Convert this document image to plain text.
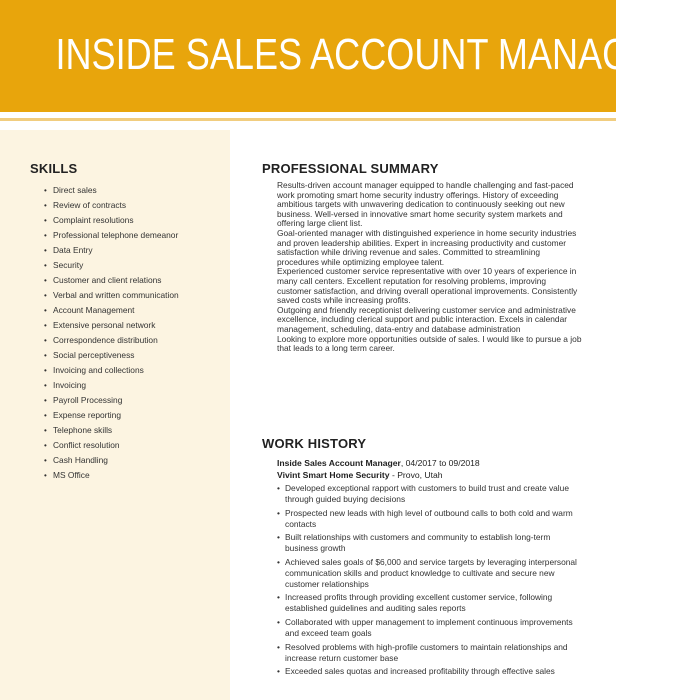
INSIDE SALES ACCOUNT MANAGER
SKILLS
• Direct sales
• Review of contracts
• Complaint resolutions
• Professional telephone demeanor
• Data Entry
• Security
• Customer and client relations
• Verbal and written communication
• Account Management
• Extensive personal network
• Correspondence distribution
• Social perceptiveness
• Invoicing and collections
• Invoicing
• Payroll Processing
• Expense reporting
• Telephone skills
• Conflict resolution
• Cash Handling
• MS Office
PROFESSIONAL SUMMARY

Results-driven account manager equipped to handle challenging and fast-paced work promoting smart home security industry offerings. History of exceeding ambitious targets with unwavering dedication to continuously seeking out new business. Well-versed in innovative smart home security system markets and offering large client list.

Goal-oriented manager with distinguished experience in home security industries and proven leadership abilities. Expert in increasing productivity and customer satisfaction while driving revenue and sales. Committed to streamlining procedures while optimizing employee talent.

Experienced customer service representative with over 10 years of experience in many call centers. Excellent reputation for resolving problems, improving customer satisfaction, and driving overall operational improvements. Consistently saved costs while increasing profits.

Outgoing and friendly receptionist delivering customer service and administrative excellence, including clerical support and public interaction. Excels in calendar management, scheduling, data-entry and database administration

Looking to explore more opportunities outside of sales. I would like to pursue a job that leads to a long term career.

WORK HISTORY
Inside Sales Account Manager, 04/2017 to 09/2018
Vivint Smart Home Security - Provo, Utah
• Developed exceptional rapport with customers to build trust and create value through guided buying decisions
• Prospected new leads with high level of outbound calls to both cold and warm contacts
• Built relationships with customers and community to establish long-term business growth
• Achieved sales goals of $6,000 and service targets by leveraging interpersonal communication skills and product knowledge to cultivate and secure new customer relationships
• Increased profits through providing excellent customer service, following established guidelines and auditing sales reports
• Collaborated with upper management to implement continuous improvements and exceed team goals
• Resolved problems with high-profile customers to maintain relationships and increase return customer base
• Exceeded sales quotas and increased profitability through effective sales
